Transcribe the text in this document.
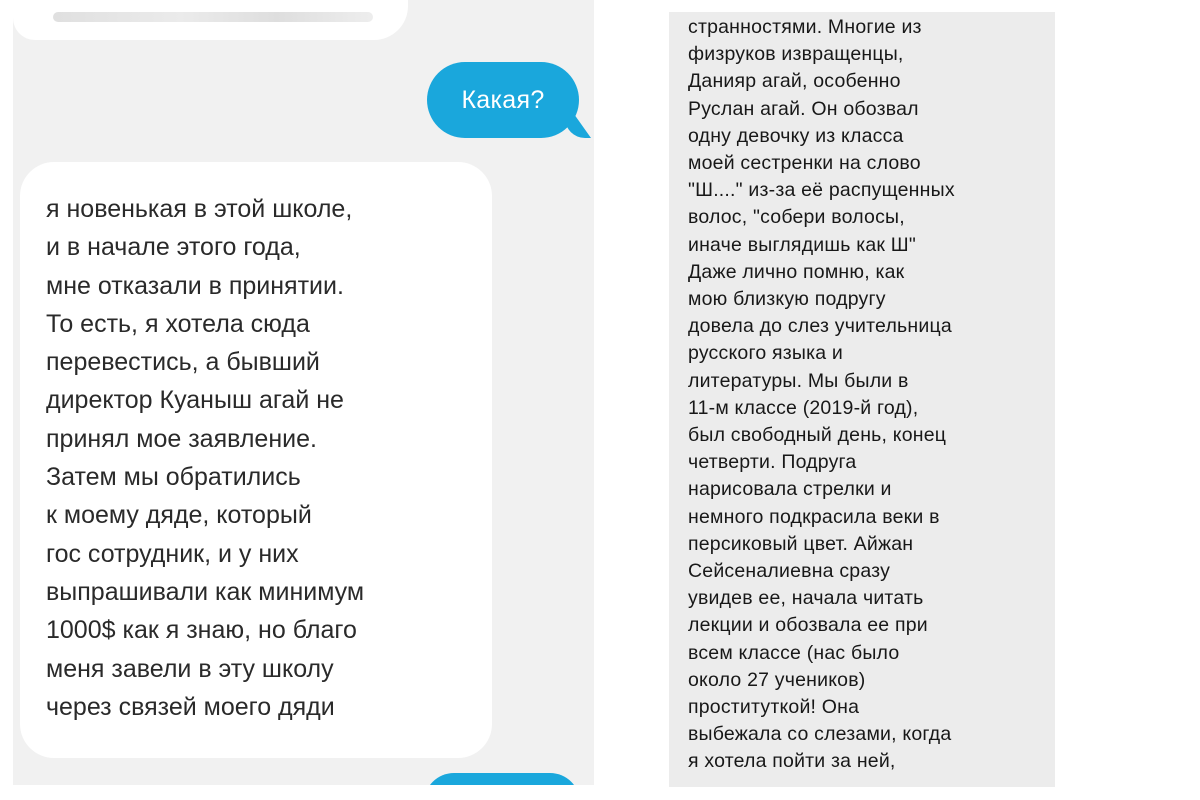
Какая?
я новенькая в этой школе,
и в начале этого года,
мне отказали в принятии.
То есть, я хотела сюда
перевестись, а бывший
директор Куаныш агай не
принял мое заявление.
Затем мы обратились
к моему дяде, который
гос сотрудник, и у них
выпрашивали как минимум
1000$ как я знаю, но благо
меня завели в эту школу
через связей моего дяди
странностями. Многие из
физруков извращенцы,
Данияр агай, особенно
Руслан агай. Он обозвал
одну девочку из класса
моей сестренки на слово
"Ш...." из-за её распущенных
волос, "собери волосы,
иначе выглядишь как Ш"
Даже лично помню, как
мою близкую подругу
довела до слез учительница
русского языка и
литературы. Мы были в
11-м классе (2019-й год),
был свободный день, конец
четверти. Подруга
нарисовала стрелки и
немного подкрасила веки в
персиковый цвет. Айжан
Сейсеналиевна сразу
увидев ее, начала читать
лекции и обозвала ее при
всем классе (нас было
около 27 учеников)
проституткой! Она
выбежала со слезами, когда
я хотела пойти за ней,
